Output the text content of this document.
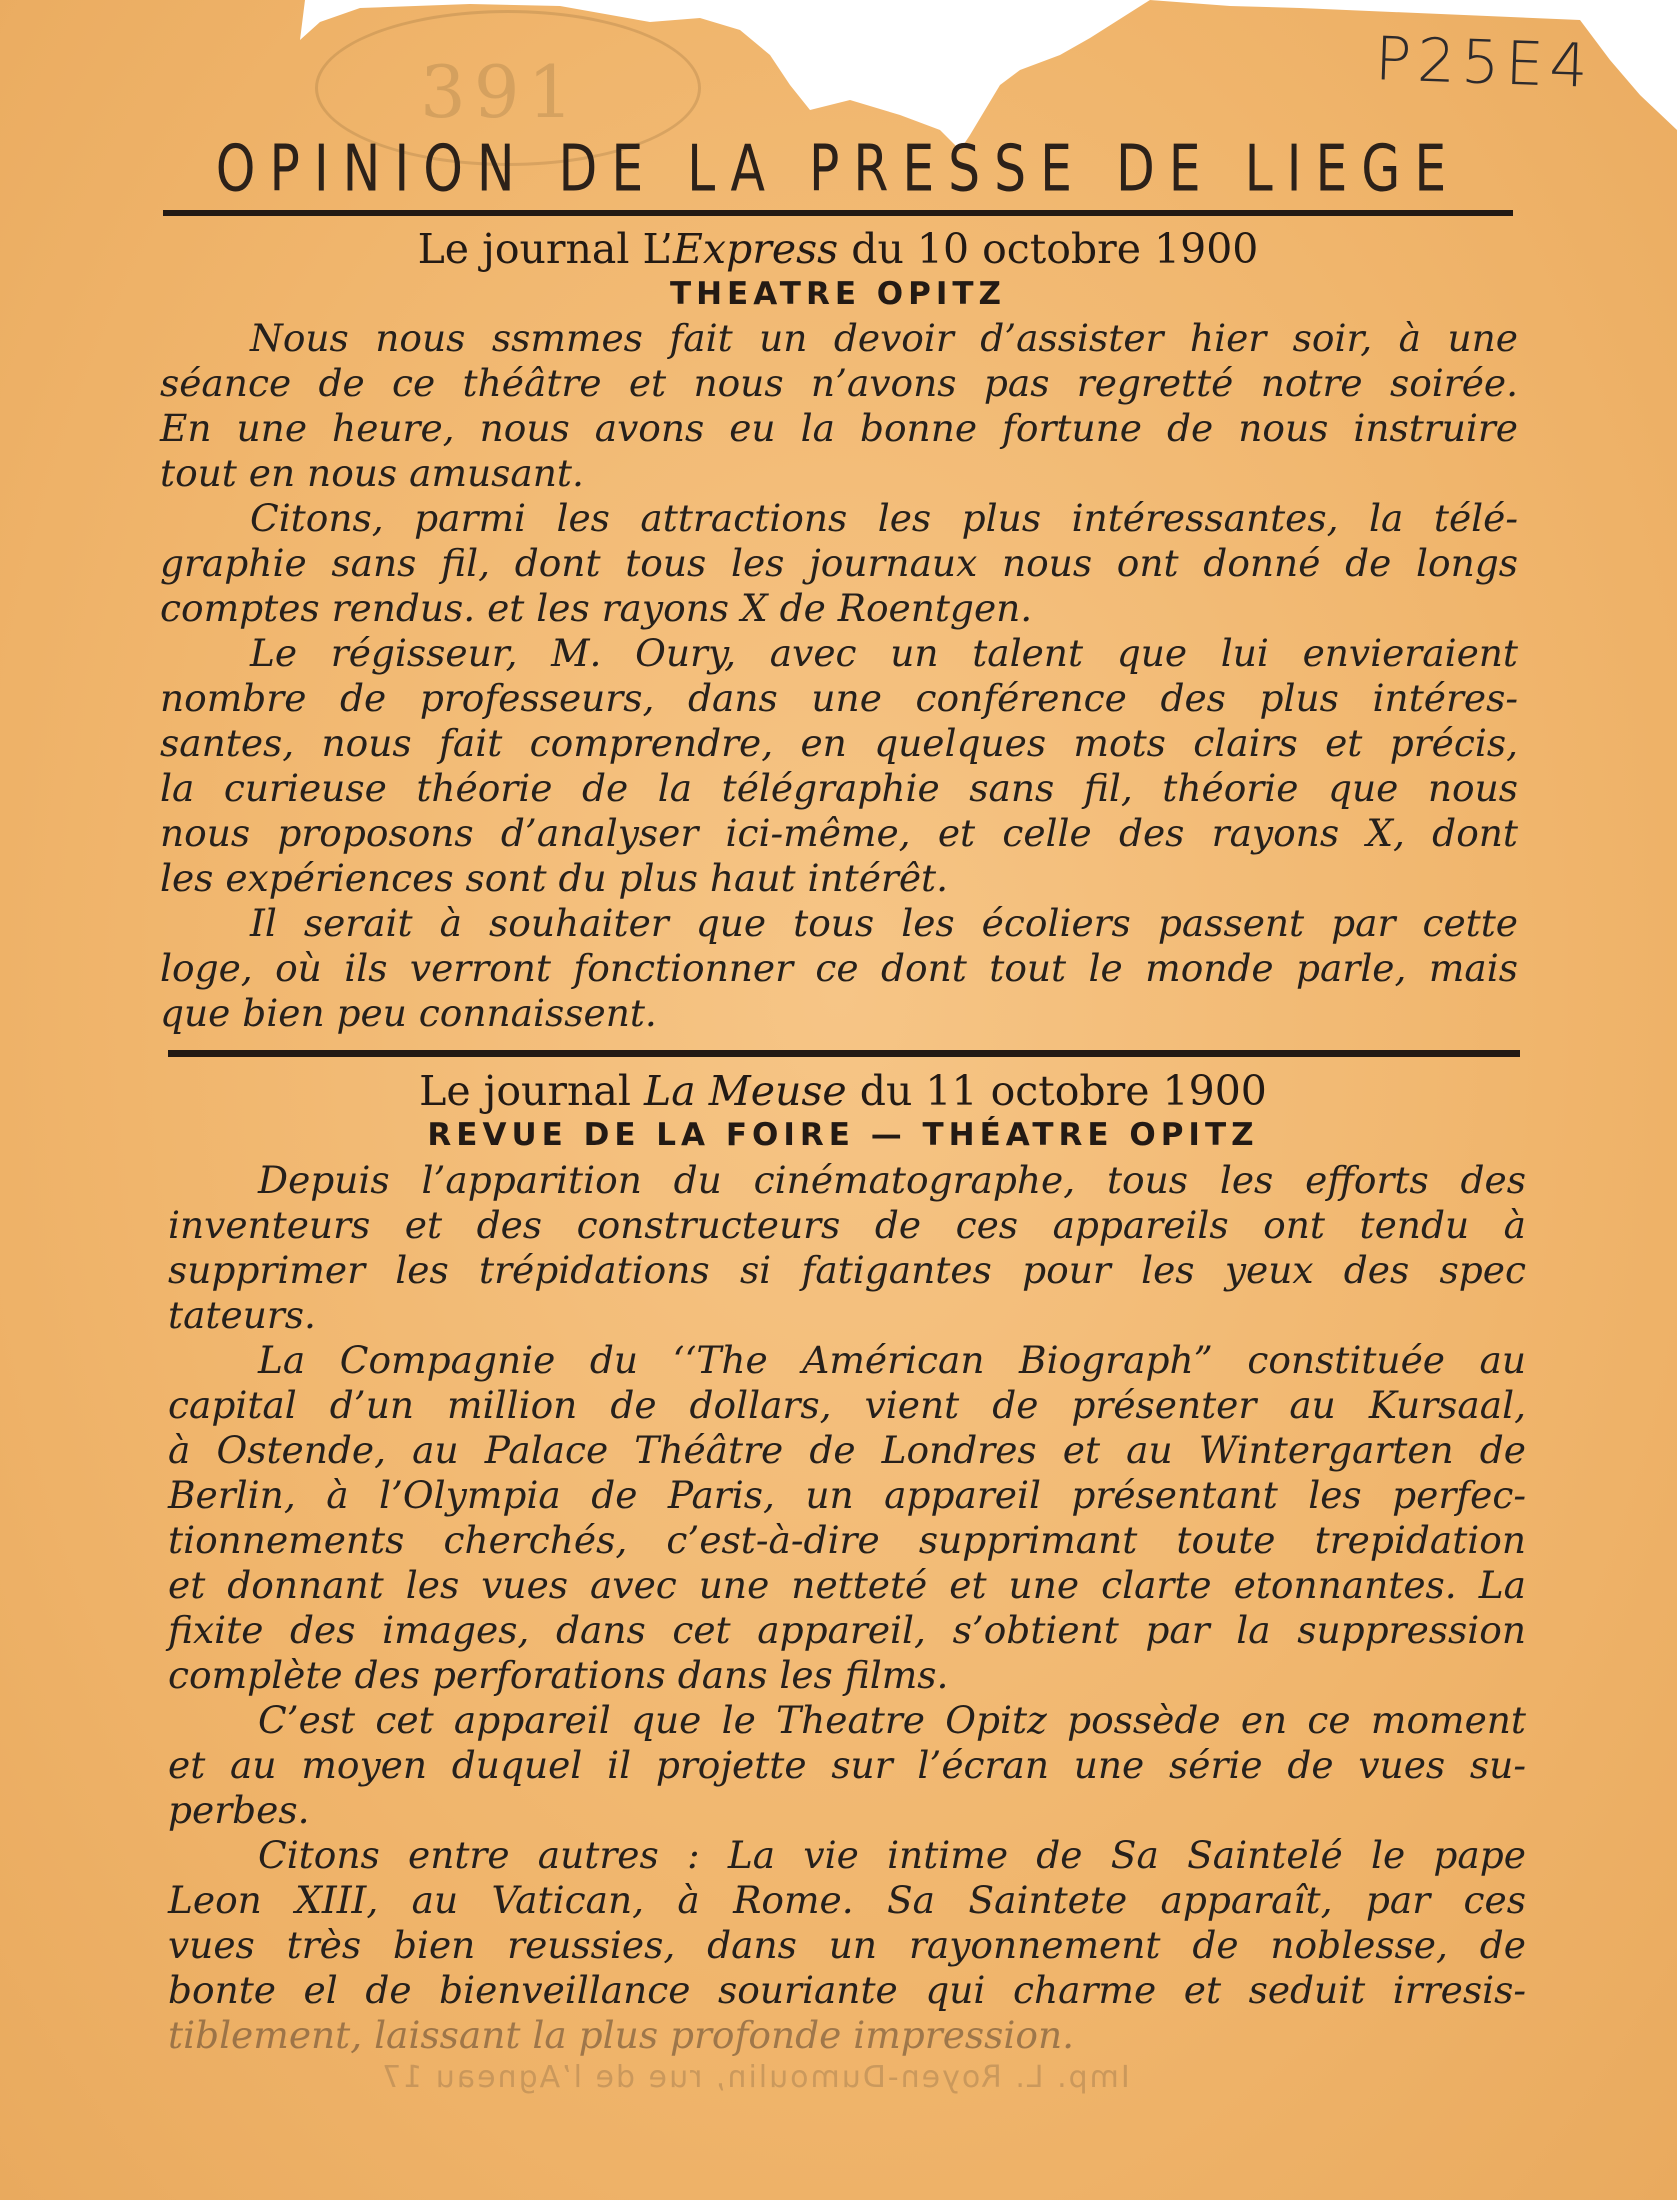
391	P25E4
OPINION DE LA PRESSE DE LIEGE
Le journal L’Express du 10 octobre 1900
THEATRE OPITZ
Nous nous ssmmes fait un devoir d’assister hier soir, à une
séance de ce théâtre et nous n’avons pas regretté notre soirée.
En une heure, nous avons eu la bonne fortune de nous instruire
tout en nous amusant.
Citons, parmi les attractions les plus intéressantes, la télé-
graphie sans fil, dont tous les journaux nous ont donné de longs
comptes rendus. et les rayons X de Roentgen.
Le régisseur, M. Oury, avec un talent que lui envieraient
nombre de professeurs, dans une conférence des plus intéres-
santes, nous fait comprendre, en quelques mots clairs et précis,
la curieuse théorie de la télégraphie sans fil, théorie que nous
nous proposons d’analyser ici-même, et celle des rayons X, dont
les expériences sont du plus haut intérêt.
Il serait à souhaiter que tous les écoliers passent par cette
loge, où ils verront fonctionner ce dont tout le monde parle, mais
que bien peu connaissent.
Le journal La Meuse du 11 octobre 1900
REVUE DE LA FOIRE — THÉATRE OPITZ
Depuis l’apparition du cinématographe, tous les efforts des
inventeurs et des constructeurs de ces appareils ont tendu à
supprimer les trépidations si fatigantes pour les yeux des spec
tateurs.
La Compagnie du ‘‘The Américan Biograph” constituée au
capital d’un million de dollars, vient de présenter au Kursaal,
à Ostende, au Palace Théâtre de Londres et au Wintergarten de
Berlin, à l’Olympia de Paris, un appareil présentant les perfec-
tionnements cherchés, c’est-à-dire supprimant toute trepidation
et donnant les vues avec une netteté et une clarte etonnantes. La
fixite des images, dans cet appareil, s’obtient par la suppression
complète des perforations dans les films.
C’est cet appareil que le Theatre Opitz possède en ce moment
et au moyen duquel il projette sur l’écran une série de vues su-
perbes.
Citons entre autres : La vie intime de Sa Saintelé le pape
Leon XIII, au Vatican, à Rome. Sa Saintete apparaît, par ces
vues très bien reussies, dans un rayonnement de noblesse, de
bonte el de bienveillance souriante qui charme et seduit irresis-
tiblement, laissant la plus profonde impression.
Imp. L. Royen-Dumoulin, rue de l’Agneau 17
